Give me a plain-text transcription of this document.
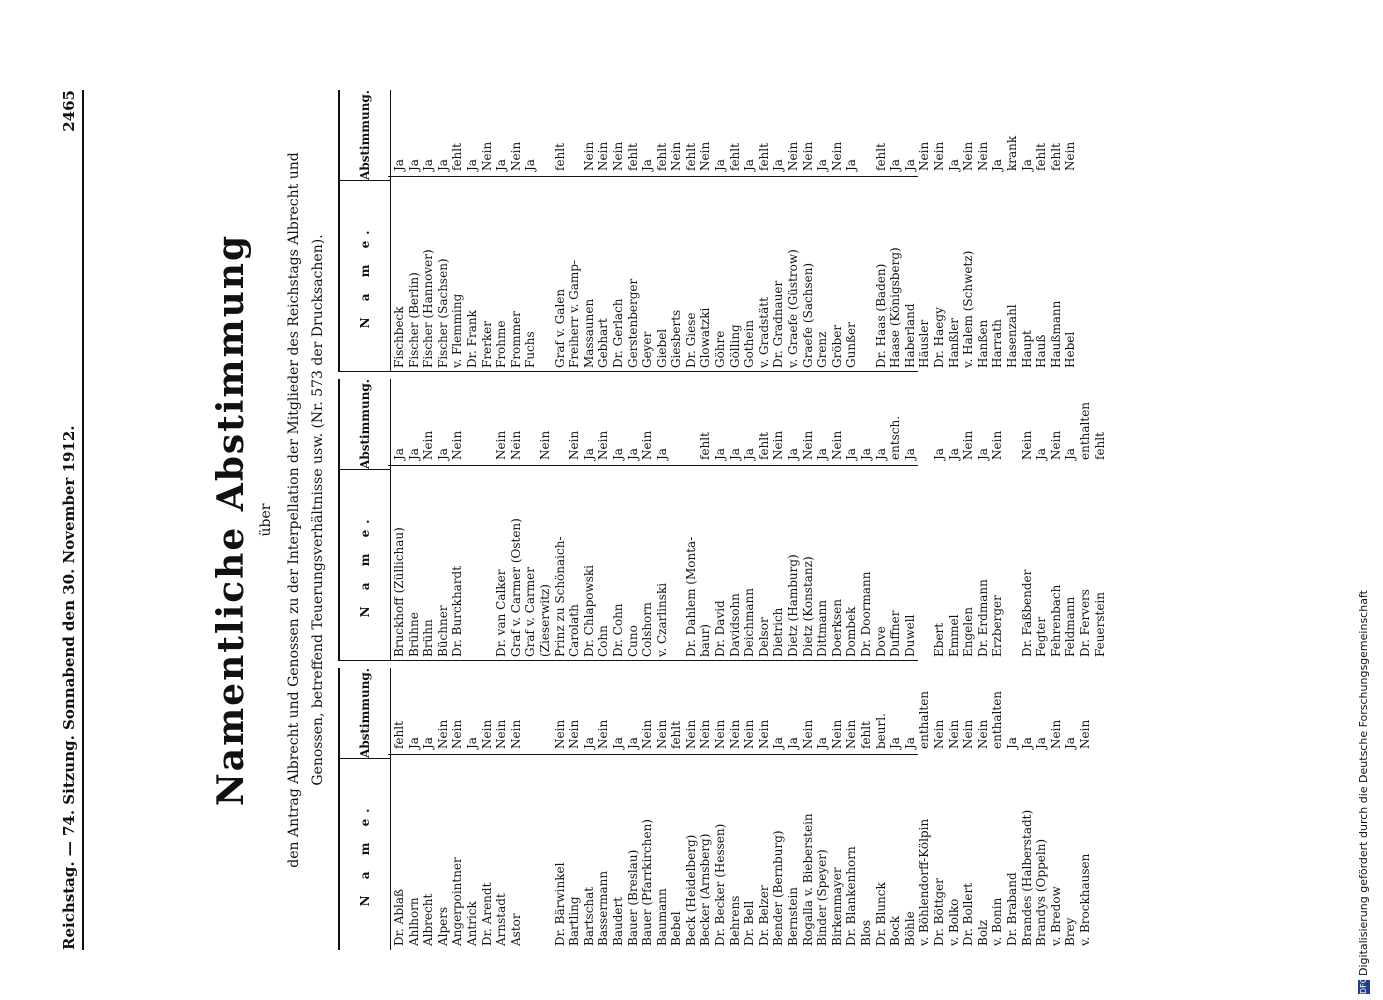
Reichstag. — 74. Sitzung. Sonnabend den 30. November 1912.
2465
Namentliche Abstimmung über den Antrag Albrecht und Genossen zu der Interpellation der Mitglieder des Reichstags Albrecht und Genossen, betreffend Teuerungsverhältnisse usw. (Nr. 573 der Drucksachen).
N a m e.
Abstimmung.
Dr. Ablaß
fehlt
Ahlhorn
Ja
Albrecht
Ja
Alpers
Nein
Angerpointner
Nein
Antrick
Ja
Dr. Arendt
Nein
Arnstadt
Nein
Astor
Nein
Dr. Bärwinkel
Nein
Bartling
Nein
Bartschat
Ja
Bassermann
Nein
Baudert
Ja
Bauer (Breslau)
Ja
Bauer (Pfarrkirchen)
Nein
Baumann
Nein
Bebel
fehlt
Beck (Heidelberg)
Nein
Becker (Arnsberg)
Nein
Dr. Becker (Hessen)
Nein
Behrens
Nein
Dr. Bell
Nein
Dr. Belzer
Nein
Bender (Bernburg)
Ja
Bernstein
Ja
Rogalla v. Bieberstein
Nein
Binder (Speyer)
Ja
Birkenmayer
Nein
Dr. Blankenhorn
Nein
Blos
fehlt
Dr. Blunck
beurl.
Bock
Ja
Böhle
Ja
v. Böhlendorff-Kölpin
enthalten
Dr. Böttger
Nein
v. Bolko
Nein
Dr. Bollert
Nein
Bolz
Nein
v. Bonin
enthalten
Dr. Braband
Ja
Brandes (Halberstadt)
Ja
Brandys (Oppeln)
Ja
v. Bredow
Nein
Brey
Ja
v. Brockhausen
Nein
N a m e.
Abstimmung.
Bruckhoff (Züllichau)
Ja
Brühne
Ja
Brühn
Nein
Büchner
Ja
Dr. Burckhardt
Nein
Dr. van Calker
Nein
Graf v. Carmer (Osten)
Nein
Graf v. Carmer (Zieserwitz)
Nein
Prinz zu Schönaich- Carolath
Nein
Dr. Chlapowski
Ja
Cohn
Nein
Dr. Cohn
Ja
Cuno
Ja
Colshorn
Nein
v. Czarlinski
Ja
Dr. Dahlem (Monta- baur)
fehlt
Dr. David
Ja
Davidsohn
Ja
Deichmann
Ja
Delsor
fehlt
Dietrich
Nein
Dietz (Hamburg)
Ja
Dietz (Konstanz)
Nein
Dittmann
Ja
Doerksen
Nein
Dombek
Ja
Dr. Doormann
Ja
Dove
Ja
Duffner
entsch.
Duwell
Ja
Ebert
Ja
Emmel
Ja
Engelen
Nein
Dr. Erdmann
Ja
Erzberger
Nein
Dr. Faßbender
Nein
Fegter
Ja
Fehrenbach
Nein
Feldmann
Ja
Dr. Fervers
enthalten
Feuerstein
fehlt
N a m e.
Abstimmung.
Fischbeck
Ja
Fischer (Berlin)
Ja
Fischer (Hannover)
Ja
Fischer (Sachsen)
Ja
v. Flemming
fehlt
Dr. Frank
Ja
Frerker
Nein
Frohme
Ja
Frommer
Nein
Fuchs
Ja
Graf v. Galen
fehlt
Freiherr v. Gamp- Massaunen
Nein
Gebhart
Nein
Dr. Gerlach
Nein
Gerstenberger
fehlt
Geyer
Ja
Giebel
fehlt
Giesberts
Nein
Dr. Giese
fehlt
Glowatzki
Nein
Göhre
Ja
Gölling
fehlt
Gothein
Ja
v. Gradstätt
fehlt
Dr. Gradnauer
Ja
v. Graefe (Güstrow)
Nein
Graefe (Sachsen)
Nein
Grenz
Ja
Gröber
Nein
Gunßer
Ja
Dr. Haas (Baden)
fehlt
Haase (Königsberg)
Ja
Haberland
Ja
Häusler
Nein
Dr. Haegy
Nein
Hanßler
Ja
v. Halem (Schwetz)
Nein
Hanßen
Nein
Harrath
Ja
Hasenzahl
krank
Haupt
Ja
Hauß
fehlt
Haußmann
fehlt
Hebel
Nein
DFGDigitalisierung gefördert durch die Deutsche Forschungsgemeinschaft
